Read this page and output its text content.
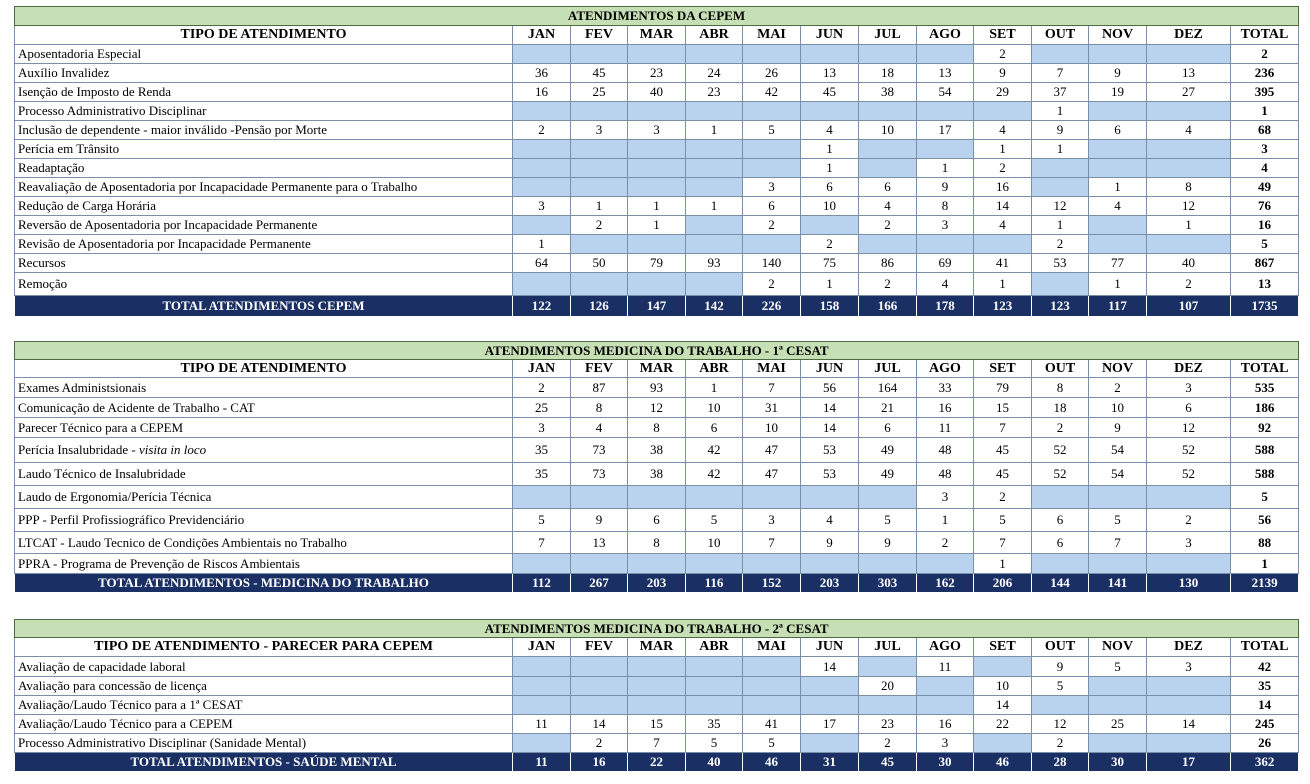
ATENDIMENTOS DA CEPEM													
TIPO DE ATENDIMENTO	JAN	FEV	MAR	ABR	MAI	JUN	JUL	AGO	SET	OUT	NOV	DEZ	TOTAL
Aposentadoria Especial									2				2
Auxílio Invalidez	36	45	23	24	26	13	18	13	9	7	9	13	236
Isenção de Imposto de Renda	16	25	40	23	42	45	38	54	29	37	19	27	395
Processo Administrativo Disciplinar										1			1
Inclusão de dependente - maior inválido -Pensão por Morte	2	3	3	1	5	4	10	17	4	9	6	4	68
Perícia em Trânsito						1			1	1			3
Readaptação						1		1	2				4
Reavaliação de Aposentadoria por Incapacidade Permanente para o Trabalho					3	6	6	9	16		1	8	49
Redução de Carga Horária	3	1	1	1	6	10	4	8	14	12	4	12	76
Reversão de Aposentadoria por Incapacidade Permanente		2	1		2		2	3	4	1		1	16
Revisão de Aposentadoria por Incapacidade Permanente	1					2				2			5
Recursos	64	50	79	93	140	75	86	69	41	53	77	40	867
Remoção					2	1	2	4	1		1	2	13
TOTAL ATENDIMENTOS CEPEM	122	126	147	142	226	158	166	178	123	123	117	107	1735
ATENDIMENTOS MEDICINA DO TRABALHO - 1ª CESAT													
TIPO DE ATENDIMENTO	JAN	FEV	MAR	ABR	MAI	JUN	JUL	AGO	SET	OUT	NOV	DEZ	TOTAL
Exames Administsionais	2	87	93	1	7	56	164	33	79	8	2	3	535
Comunicação de Acidente de Trabalho - CAT	25	8	12	10	31	14	21	16	15	18	10	6	186
Parecer Técnico para a CEPEM	3	4	8	6	10	14	6	11	7	2	9	12	92
Perícia Insalubridade - visita in loco	35	73	38	42	47	53	49	48	45	52	54	52	588
Laudo Técnico de Insalubridade	35	73	38	42	47	53	49	48	45	52	54	52	588
Laudo de Ergonomia/Perícia Técnica								3	2				5
PPP - Perfil Profissiográfico Previdenciário	5	9	6	5	3	4	5	1	5	6	5	2	56
LTCAT - Laudo Tecnico de Condições Ambientais no Trabalho	7	13	8	10	7	9	9	2	7	6	7	3	88
PPRA - Programa de Prevenção de Riscos Ambientais									1				1
TOTAL ATENDIMENTOS - MEDICINA DO TRABALHO	112	267	203	116	152	203	303	162	206	144	141	130	2139
ATENDIMENTOS MEDICINA DO TRABALHO - 2ª CESAT													
TIPO DE ATENDIMENTO - PARECER PARA CEPEM	JAN	FEV	MAR	ABR	MAI	JUN	JUL	AGO	SET	OUT	NOV	DEZ	TOTAL
Avaliação de capacidade laboral						14		11		9	5	3	42
Avaliação para concessão de licença							20		10	5			35
Avaliação/Laudo Técnico para a 1ª CESAT									14				14
Avaliação/Laudo Técnico para a CEPEM	11	14	15	35	41	17	23	16	22	12	25	14	245
Processo Administrativo Disciplinar (Sanidade Mental)		2	7	5	5		2	3		2			26
TOTAL ATENDIMENTOS - SAÚDE MENTAL	11	16	22	40	46	31	45	30	46	28	30	17	362
